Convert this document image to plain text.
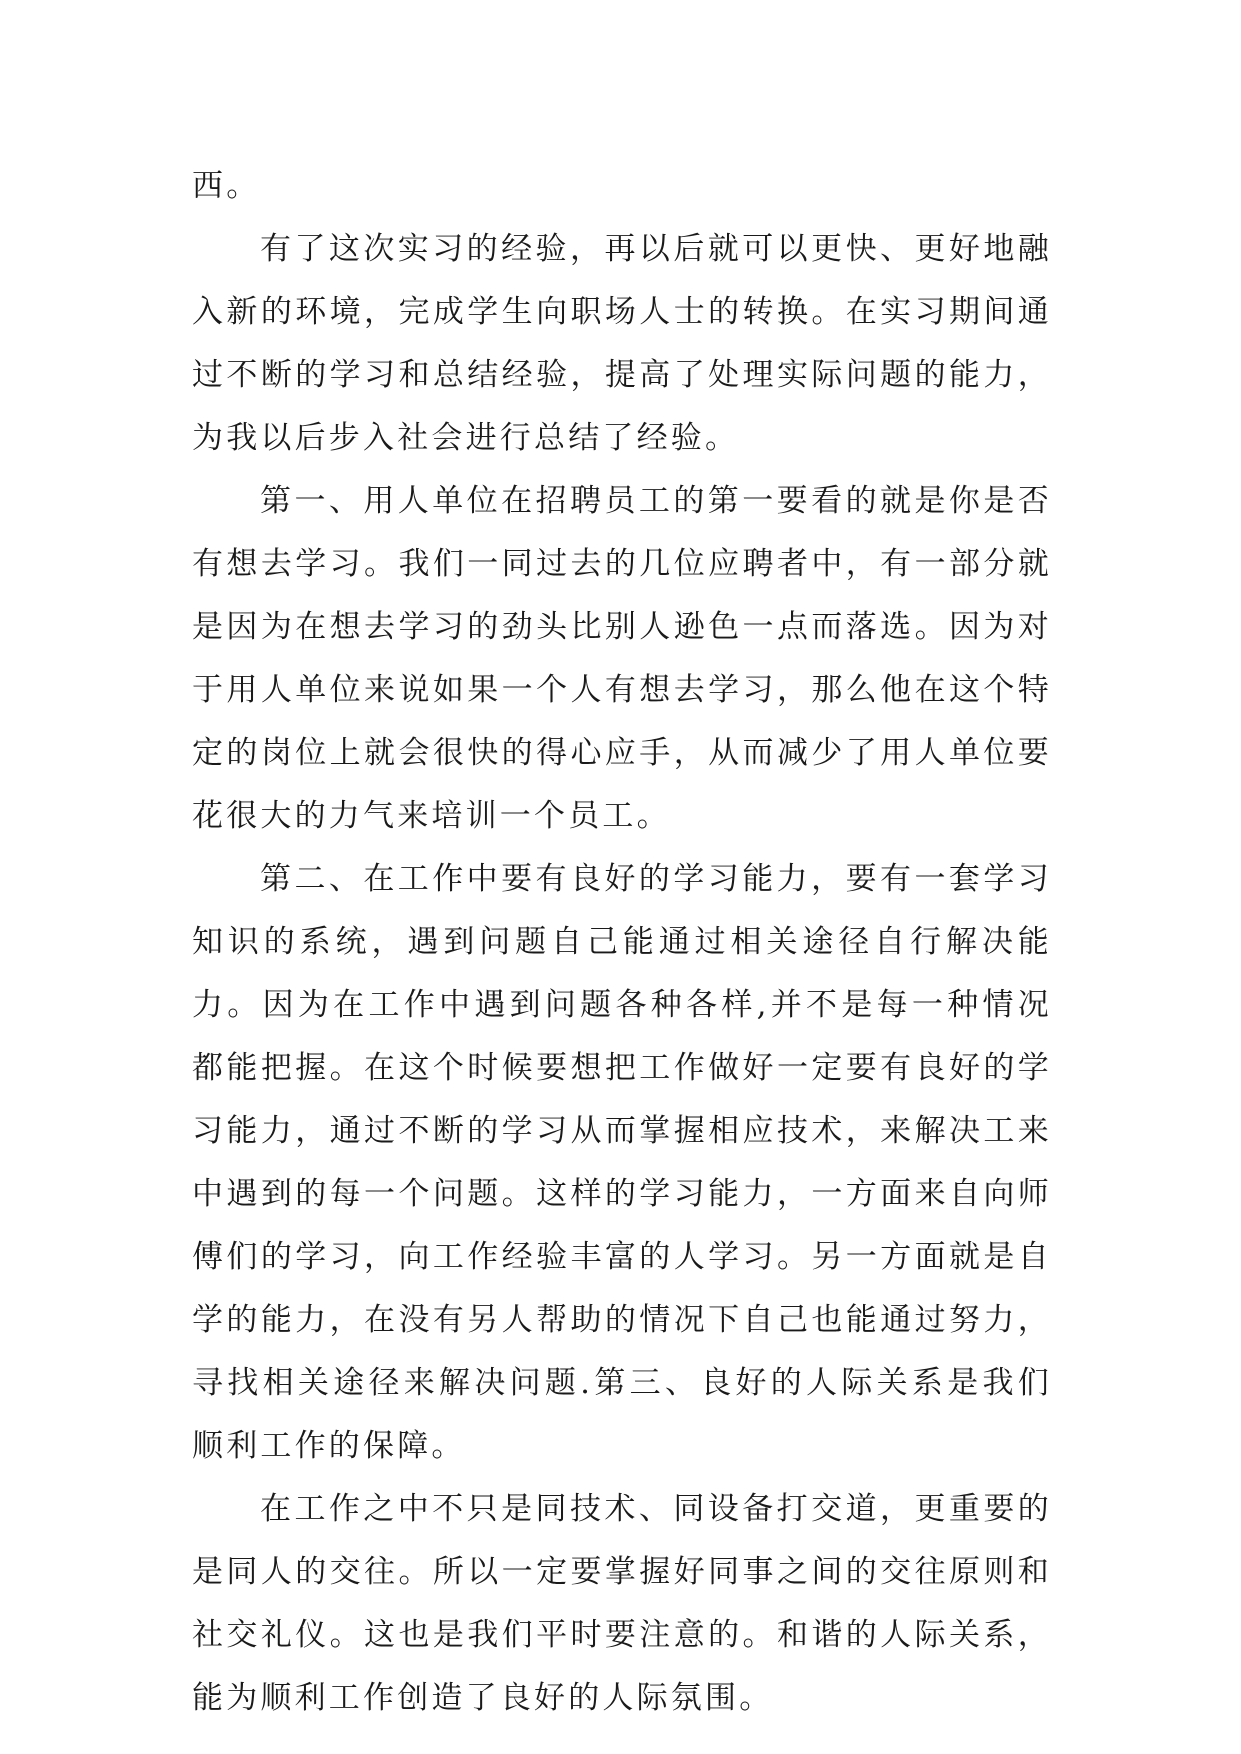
西。

有了这次实习的经验，再以后就可以更快、更好地融入新的环境，完成学生向职场人士的转换。在实习期间通过不断的学习和总结经验，提高了处理实际问题的能力，为我以后步入社会进行总结了经验。

第一、用人单位在招聘员工的第一要看的就是你是否有想去学习。我们一同过去的几位应聘者中，有一部分就是因为在想去学习的劲头比别人逊色一点而落选。因为对于用人单位来说如果一个人有想去学习，那么他在这个特定的岗位上就会很快的得心应手，从而减少了用人单位要花很大的力气来培训一个员工。

第二、在工作中要有良好的学习能力，要有一套学习知识的系统，遇到问题自己能通过相关途径自行解决能力。因为在工作中遇到问题各种各样,并不是每一种情况都能把握。在这个时候要想把工作做好一定要有良好的学习能力，通过不断的学习从而掌握相应技术，来解决工来中遇到的每一个问题。这样的学习能力，一方面来自向师傅们的学习，向工作经验丰富的人学习。另一方面就是自学的能力，在没有另人帮助的情况下自己也能通过努力，寻找相关途径来解决问题.第三、良好的人际关系是我们顺利工作的保障。

在工作之中不只是同技术、同设备打交道，更重要的是同人的交往。所以一定要掌握好同事之间的交往原则和社交礼仪。这也是我们平时要注意的。和谐的人际关系，能为顺利工作创造了良好的人际氛围。
